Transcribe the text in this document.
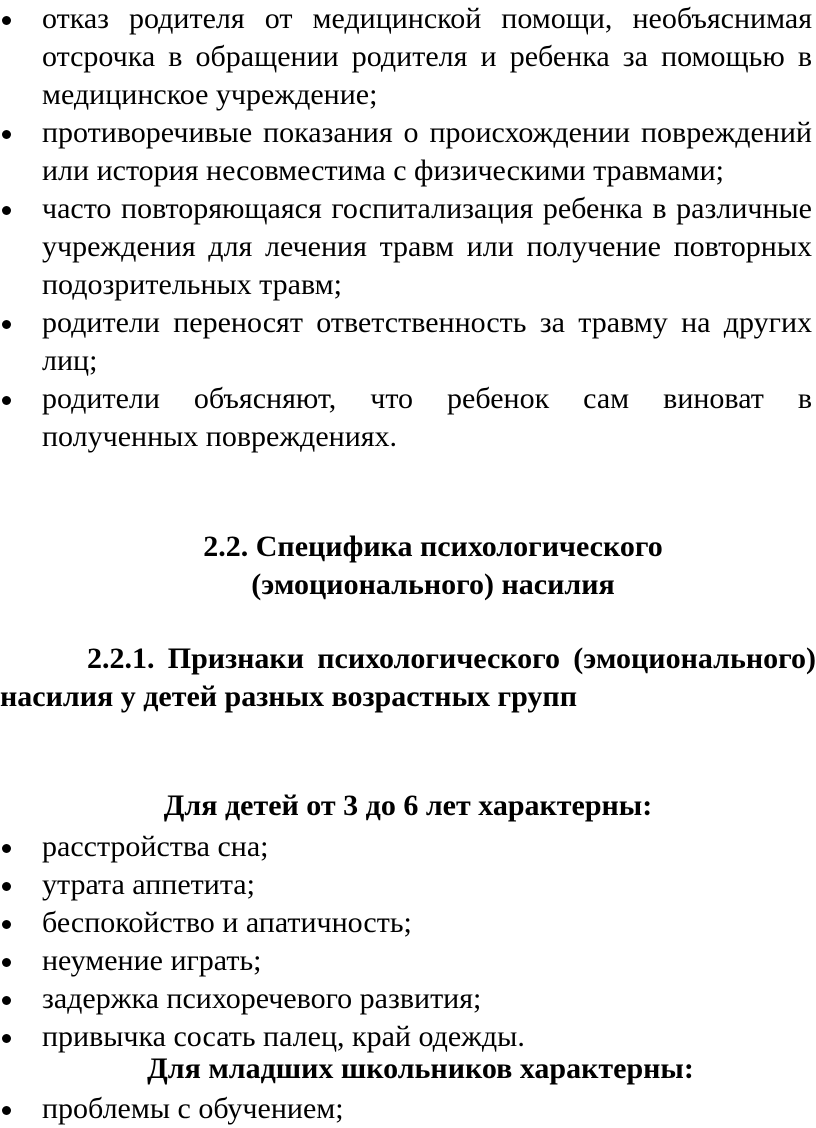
отказ родителя от медицинской помощи, необъяснимая отсрочка в обращении родителя и ребенка за помощью в медицинское учреждение;
противоречивые показания о происхождении повреждений или история несовместима с физическими травмами;
часто повторяющаяся госпитализация ребенка в различные учреждения для лечения травм или получение повторных подозрительных травм;
родители переносят ответственность за травму на других лиц;
родители объясняют, что ребенок сам виноват в полученных повреждениях.
2.2. Специфика психологического
(эмоционального) насилия

2.2.1. Признаки психологического (эмоционального) насилия у детей разных возрастных групп

Для детей от 3 до 6 лет характерны:
расстройства сна;
утрата аппетита;
беспокойство и апатичность;
неумение играть;
задержка психоречевого развития;
привычка сосать палец, край одежды.
Для младших школьников характерны:
проблемы с обучением;
